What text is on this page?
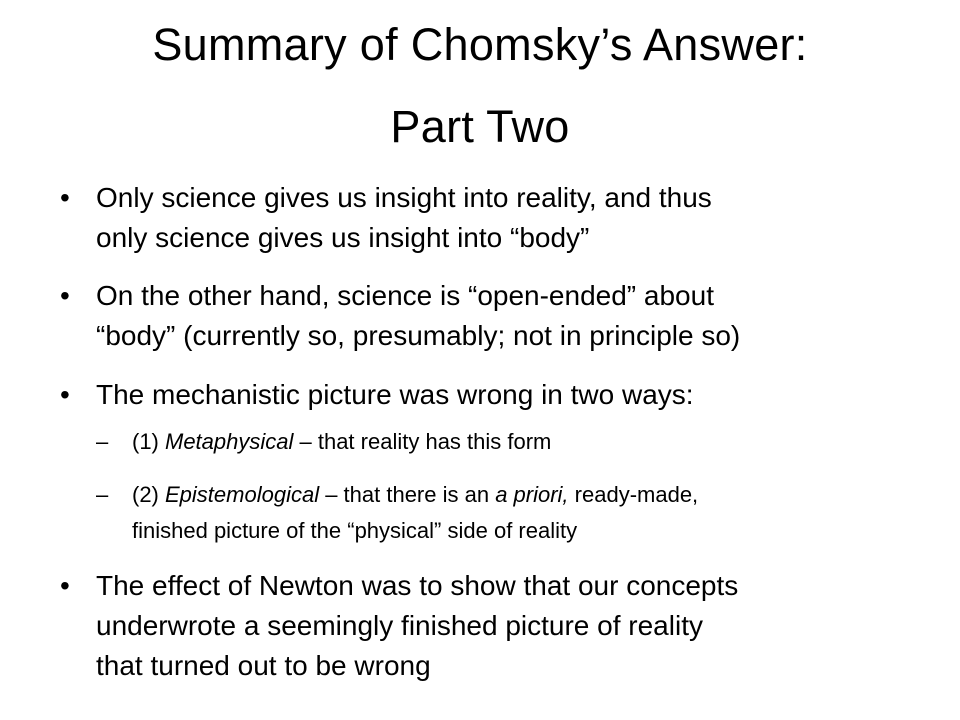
Summary of Chomsky’s Answer:
Part Two
• Only science gives us insight into reality, and thus
only science gives us insight into “body”
• On the other hand, science is “open-ended” about
“body” (currently so, presumably; not in principle so)
• The mechanistic picture was wrong in two ways:
–	(1) Metaphysical – that reality has this form
–	(2) Epistemological – that there is an a priori, ready-made,
finished picture of the “physical” side of reality
• The effect of Newton was to show that our concepts
underwrote a seemingly finished picture of reality
that turned out to be wrong
